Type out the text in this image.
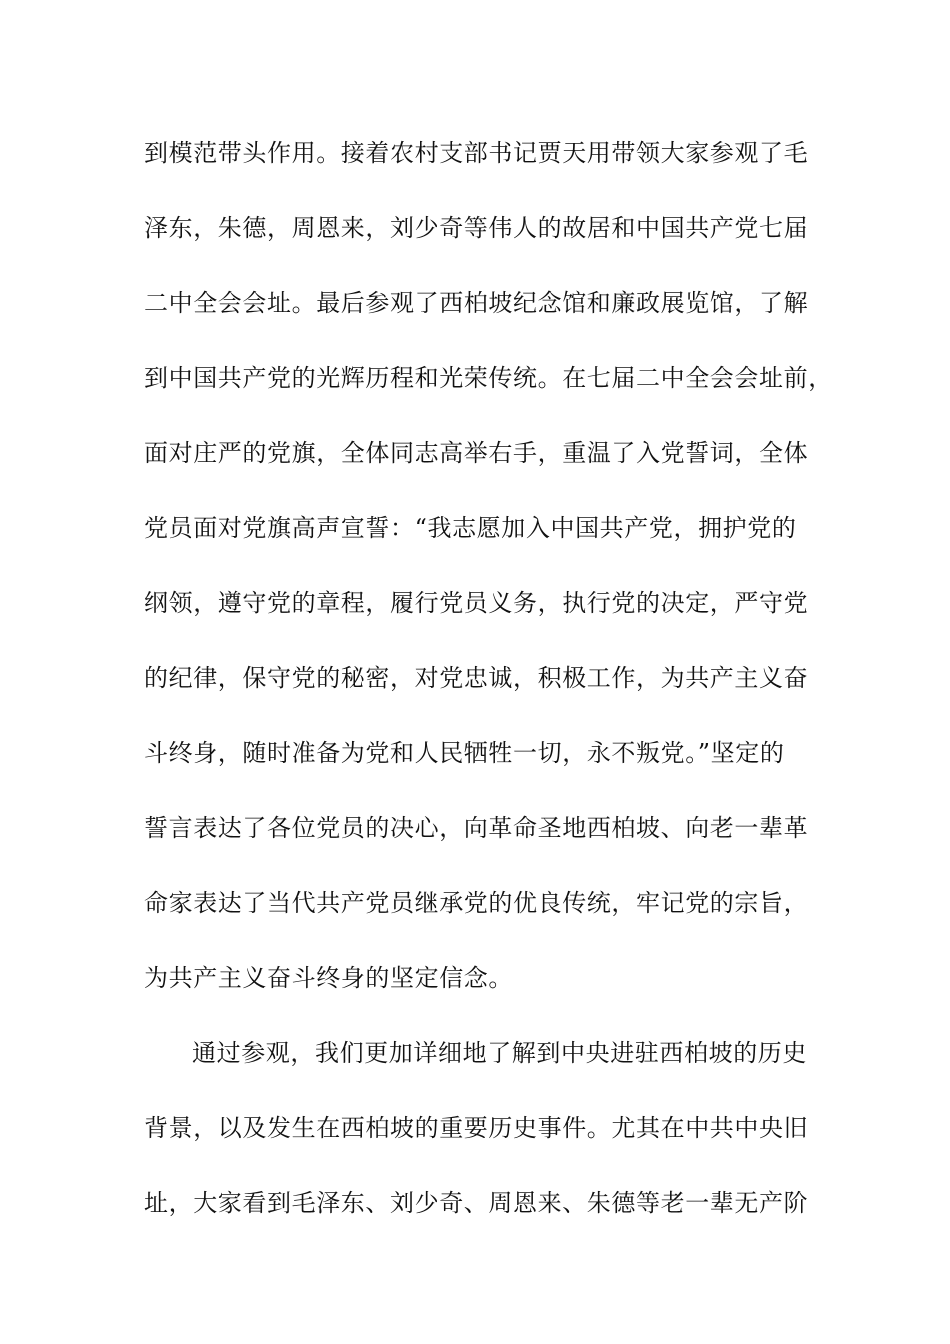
到模范带头作用。接着农村支部书记贾天用带领大家参观了毛
泽东，朱德，周恩来，刘少奇等伟人的故居和中国共产党七届
二中全会会址。最后参观了西柏坡纪念馆和廉政展览馆，了解
到中国共产党的光辉历程和光荣传统。在七届二中全会会址前，
面对庄严的党旗，全体同志高举右手，重温了入党誓词，全体
党员面对党旗高声宣誓：“我志愿加入中国共产党，拥护党的
纲领，遵守党的章程，履行党员义务，执行党的决定，严守党
的纪律，保守党的秘密，对党忠诚，积极工作，为共产主义奋
斗终身，随时准备为党和人民牺牲一切，永不叛党。”坚定的
誓言表达了各位党员的决心，向革命圣地西柏坡、向老一辈革
命家表达了当代共产党员继承党的优良传统，牢记党的宗旨，
为共产主义奋斗终身的坚定信念。
通过参观，我们更加详细地了解到中央进驻西柏坡的历史
背景，以及发生在西柏坡的重要历史事件。尤其在中共中央旧
址，大家看到毛泽东、刘少奇、周恩来、朱德等老一辈无产阶
